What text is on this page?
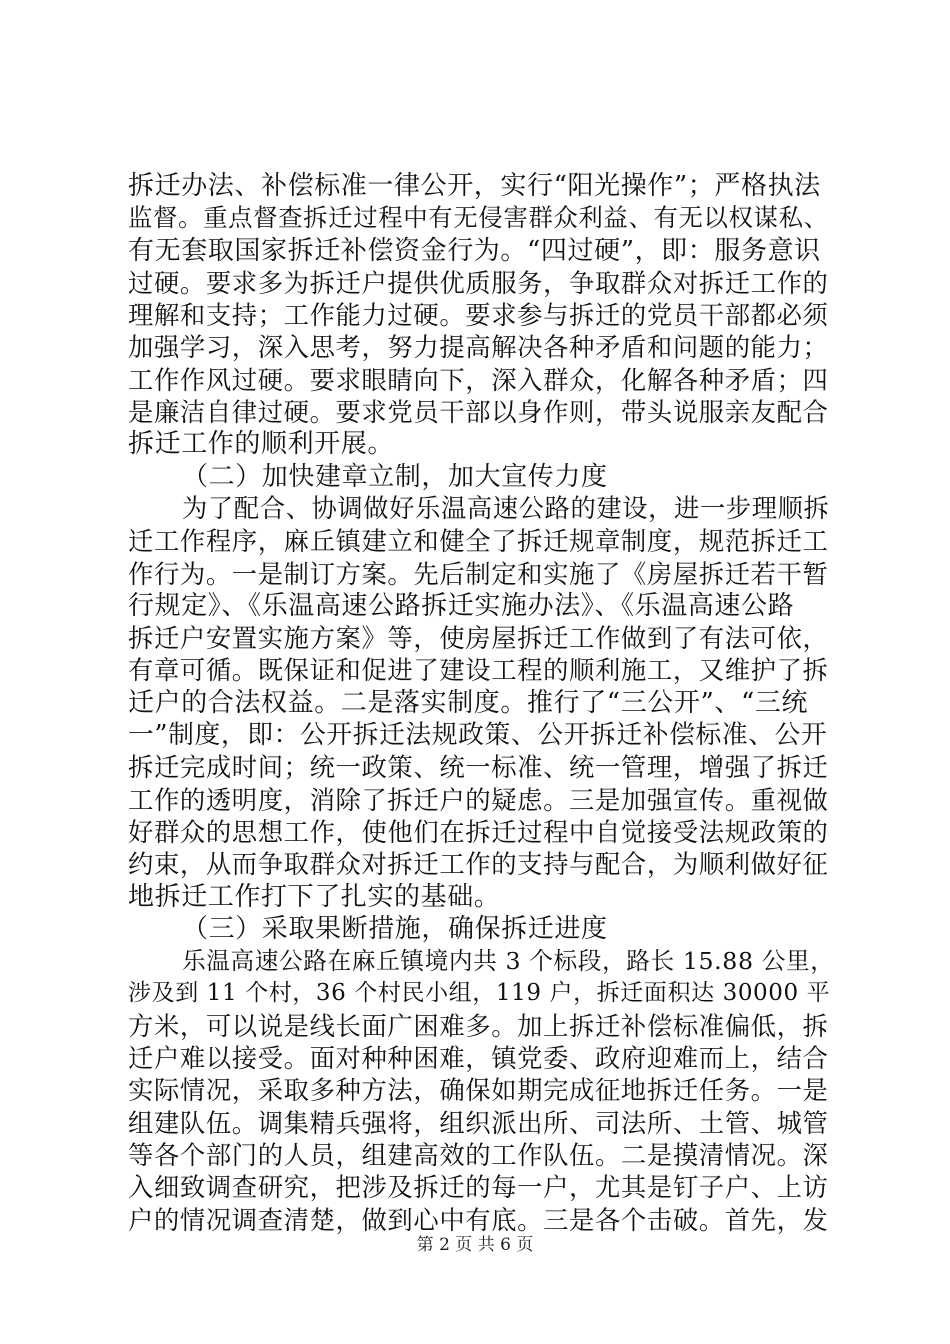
拆迁办法、补偿标准一律公开，实行“阳光操作”；严格执法
监督。重点督查拆迁过程中有无侵害群众利益、有无以权谋私、
有无套取国家拆迁补偿资金行为。“四过硬”，即：服务意识
过硬。要求多为拆迁户提供优质服务，争取群众对拆迁工作的
理解和支持；工作能力过硬。要求参与拆迁的党员干部都必须
加强学习，深入思考，努力提高解决各种矛盾和问题的能力；
工作作风过硬。要求眼睛向下，深入群众，化解各种矛盾；四
是廉洁自律过硬。要求党员干部以身作则，带头说服亲友配合
拆迁工作的顺利开展。
（二）加快建章立制，加大宣传力度
为了配合、协调做好乐温高速公路的建设，进一步理顺拆
迁工作程序，麻丘镇建立和健全了拆迁规章制度，规范拆迁工
作行为。一是制订方案。先后制定和实施了《房屋拆迁若干暂
行规定》、《乐温高速公路拆迁实施办法》、《乐温高速公路
拆迁户安置实施方案》等，使房屋拆迁工作做到了有法可依，
有章可循。既保证和促进了建设工程的顺利施工，又维护了拆
迁户的合法权益。二是落实制度。推行了“三公开”、“三统
一”制度，即：公开拆迁法规政策、公开拆迁补偿标准、公开
拆迁完成时间；统一政策、统一标准、统一管理，增强了拆迁
工作的透明度，消除了拆迁户的疑虑。三是加强宣传。重视做
好群众的思想工作，使他们在拆迁过程中自觉接受法规政策的
约束，从而争取群众对拆迁工作的支持与配合，为顺利做好征
地拆迁工作打下了扎实的基础。
（三）采取果断措施，确保拆迁进度
乐温高速公路在麻丘镇境内共 3 个标段，路长 15.88 公里，
涉及到 11 个村，36 个村民小组，119 户，拆迁面积达 30000 平
方米，可以说是线长面广困难多。加上拆迁补偿标准偏低，拆
迁户难以接受。面对种种困难，镇党委、政府迎难而上，结合
实际情况，采取多种方法，确保如期完成征地拆迁任务。一是
组建队伍。调集精兵强将，组织派出所、司法所、土管、城管
等各个部门的人员，组建高效的工作队伍。二是摸清情况。深
入细致调查研究，把涉及拆迁的每一户，尤其是钉子户、上访
户的情况调查清楚，做到心中有底。三是各个击破。首先，发
第 2 页 共 6 页
